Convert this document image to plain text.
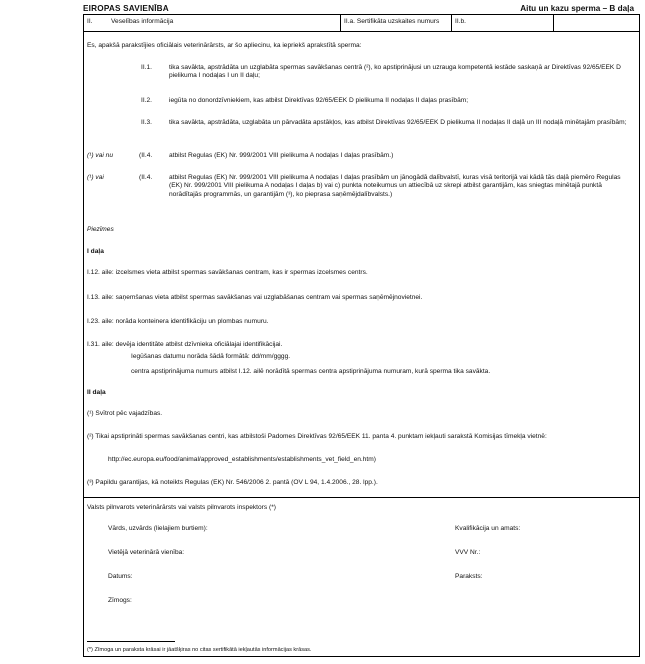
EIROPAS SAVIENĪBA	Aitu un kazu sperma – B daļa
II.	Veselības informācija	II.a. Sertifikāta uzskaites numurs II.b.
Es, apakšā parakstījies oficiālais veterinārārsts, ar šo apliecinu, ka iepriekš aprakstītā sperma:
II.1.	tika savākta, apstrādāta un uzglabāta spermas savākšanas centrā (²), ko apstiprinājusi un uzrauga kompetentā iestāde saskaņā ar Direktīvas 92/65/EEK D pielikuma I nodaļas I un II daļu;
II.2.	iegūta no donordzīvniekiem, kas atbilst Direktīvas 92/65/EEK D pielikuma II nodaļas II daļas prasībām;
II.3.	tika savākta, apstrādāta, uzglabāta un pārvadāta apstākļos, kas atbilst Direktīvas 92/65/EEK D pielikuma II nodaļas II daļā un III nodaļā minētajām prasībām;
(¹) vai nu	(II.4.	atbilst Regulas (EK) Nr. 999/2001 VIII pielikuma A nodaļas I daļas prasībām.)
(¹) vai	(II.4.	atbilst Regulas (EK) Nr. 999/2001 VIII pielikuma A nodaļas I daļas prasībām un jānogādā dalībvalstī, kuras visā teritorijā vai kādā tās daļā piemēro Regulas (EK) Nr. 999/2001 VIII pielikuma A nodaļas I daļas b) vai c) punkta noteikumus un attiecībā uz skrepi atbilst garantijām, kas sniegtas minētajā punktā norādītajās programmās, un garantijām (³), ko pieprasa saņēmējdalībvalsts.)
Piezīmes
I daļa
I.12. aile: izcelsmes vieta atbilst spermas savākšanas centram, kas ir spermas izcelsmes centrs.
I.13. aile: saņemšanas vieta atbilst spermas savākšanas vai uzglabāšanas centram vai spermas saņēmējnovietnei.
I.23. aile: norāda konteinera identifikāciju un plombas numuru.
I.31. aile: devēja identitāte atbilst dzīvnieka oficiālajai identifikācijai.
Iegūšanas datumu norāda šādā formātā: dd/mm/gggg.
centra apstiprinājuma numurs atbilst I.12. ailē norādītā spermas centra apstiprinājuma numuram, kurā sperma tika savākta.
II daļa
(¹) Svītrot pēc vajadzības.
(²) Tikai apstiprināti spermas savākšanas centri, kas atbilstoši Padomes Direktīvas 92/65/EEK 11. panta 4. punktam iekļauti sarakstā Komisijas tīmekļa vietnē:
http://ec.europa.eu/food/animal/approved_establishments/establishments_vet_field_en.htm)
(³) Papildu garantijas, kā noteikts Regulas (EK) Nr. 546/2006 2. pantā (OV L 94, 1.4.2006., 28. lpp.).
Valsts pilnvarots veterinārārsts vai valsts pilnvarots inspektors (*)
Vārds, uzvārds (lielajiem burtiem):	Kvalifikācija un amats:
Vietējā veterinārā vienība:	VVV Nr.:
Datums:	Paraksts:
Zīmogs:
(*) Zīmoga un paraksta krāsai ir jāatšķiras no citas sertifikātā iekļautās informācijas krāsas.
